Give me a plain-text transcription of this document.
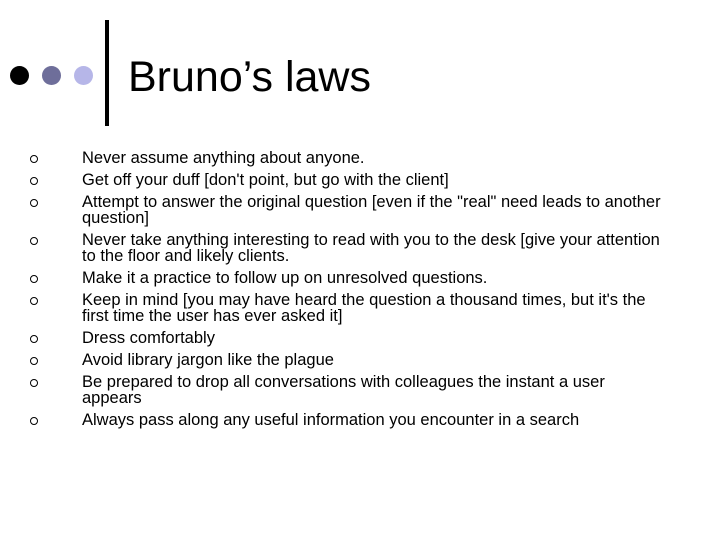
Bruno’s laws
Never assume anything about anyone.
Get off your duff [don't point, but go with the client]
Attempt to answer the original question [even if the "real" need leads to another question]
Never take anything interesting to read with you to the desk [give your attention to the floor and likely clients.
Make it a practice to follow up on unresolved questions.
Keep in mind [you may have heard the question a thousand times, but it's the first time the user has ever asked it]
Dress comfortably
Avoid library jargon like the plague
Be prepared to drop all conversations with colleagues the instant a user appears
Always pass along any useful information you encounter in a search
